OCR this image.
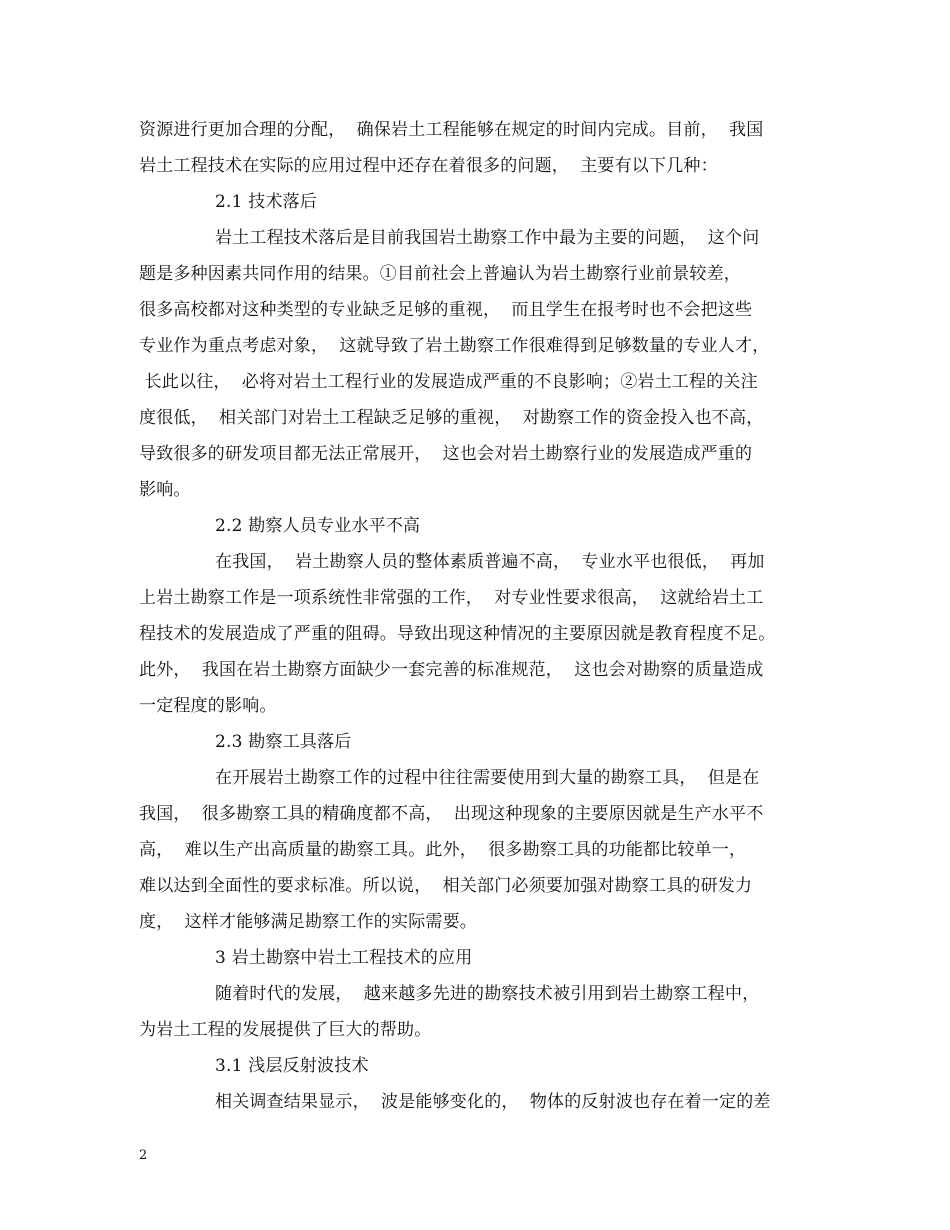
资源进行更加合理的分配，  确保岩土工程能够在规定的时间内完成。目前，  我国
岩土工程技术在实际的应用过程中还存在着很多的问题，  主要有以下几种：
2.1 技术落后
岩土工程技术落后是目前我国岩土勘察工作中最为主要的问题，  这个问
题是多种因素共同作用的结果。①目前社会上普遍认为岩土勘察行业前景较差，
很多高校都对这种类型的专业缺乏足够的重视，  而且学生在报考时也不会把这些
专业作为重点考虑对象，  这就导致了岩土勘察工作很难得到足够数量的专业人才，
长此以往，  必将对岩土工程行业的发展造成严重的不良影响；②岩土工程的关注
度很低，  相关部门对岩土工程缺乏足够的重视，  对勘察工作的资金投入也不高，
导致很多的研发项目都无法正常展开，  这也会对岩土勘察行业的发展造成严重的
影响。
2.2 勘察人员专业水平不高
在我国，  岩土勘察人员的整体素质普遍不高，  专业水平也很低，  再加
上岩土勘察工作是一项系统性非常强的工作，  对专业性要求很高，  这就给岩土工
程技术的发展造成了严重的阻碍。导致出现这种情况的主要原因就是教育程度不足。
此外，  我国在岩土勘察方面缺少一套完善的标准规范，  这也会对勘察的质量造成
一定程度的影响。
2.3 勘察工具落后
在开展岩土勘察工作的过程中往往需要使用到大量的勘察工具，  但是在
我国，  很多勘察工具的精确度都不高，  出现这种现象的主要原因就是生产水平不
高，  难以生产出高质量的勘察工具。此外，  很多勘察工具的功能都比较单一，
难以达到全面性的要求标准。所以说，  相关部门必须要加强对勘察工具的研发力
度，  这样才能够满足勘察工作的实际需要。
3 岩土勘察中岩土工程技术的应用
随着时代的发展，  越来越多先进的勘察技术被引用到岩土勘察工程中，
为岩土工程的发展提供了巨大的帮助。
3.1 浅层反射波技术
相关调查结果显示，  波是能够变化的，  物体的反射波也存在着一定的差
2
